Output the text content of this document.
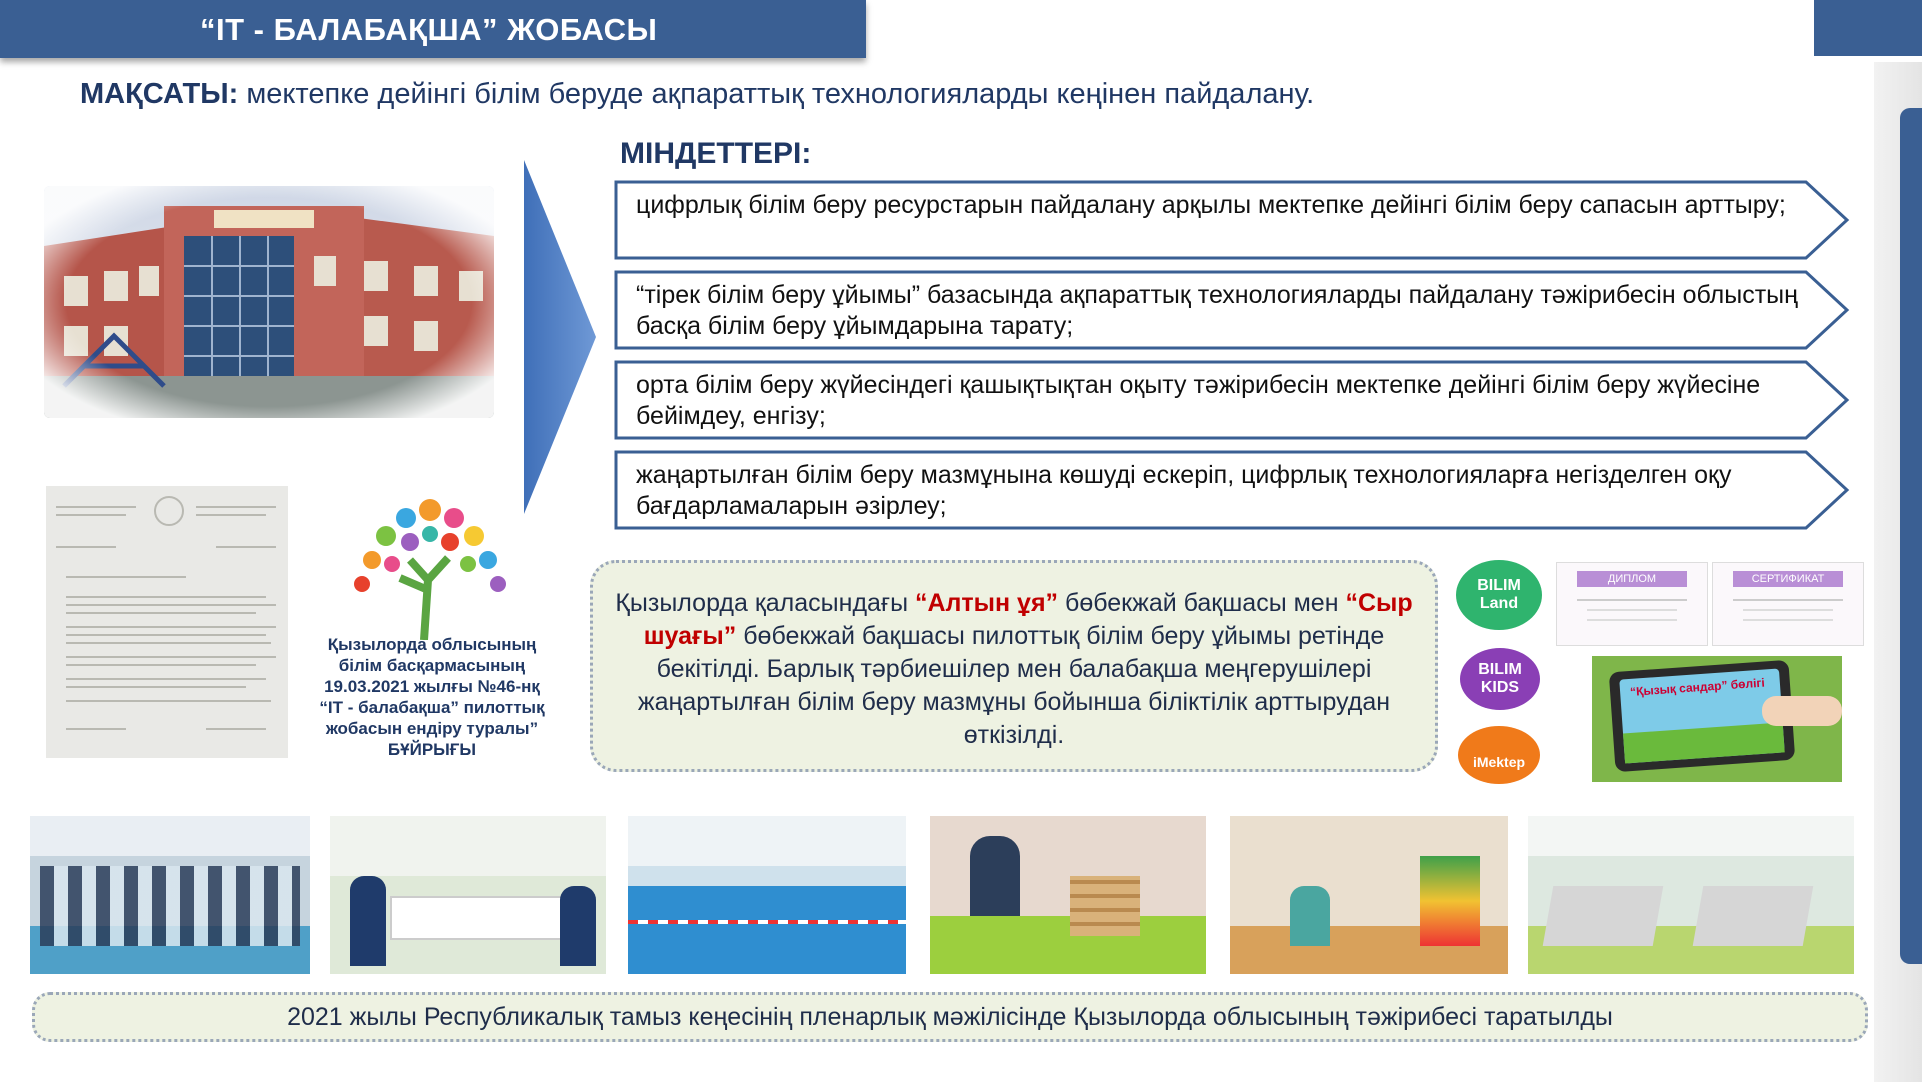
“IT - БАЛАБАҚША” ЖОБАСЫ
МАҚСАТЫ: мектепке дейінгі білім беруде ақпараттық технологияларды кеңінен пайдалану.
МІНДЕТТЕРІ:
цифрлық білім беру ресурстарын пайдалану арқылы мектепке дейінгі білім беру сапасын арттыру;
“тірек білім беру ұйымы” базасында ақпараттық технологияларды пайдалану тәжірибесін облыстың басқа білім беру ұйымдарына тарату;
орта білім беру жүйесіндегі қашықтықтан оқыту тәжірибесін мектепке дейінгі білім беру жүйесіне бейімдеу, енгізу;
жаңартылған білім беру мазмұнына көшуді ескеріп, цифрлық технологияларға негізделген оқу бағдарламаларын әзірлеу;
Қызылорда облысының
білім басқармасының
19.03.2021 жылғы №46-нқ
“IT - балабақша” пилоттық
жобасын ендіру туралы”
БҰЙРЫҒЫ
Қызылорда қаласындағы “Алтын ұя” бөбекжай бақшасы мен “Сыр шуағы” бөбекжай бақшасы пилоттық білім беру ұйымы ретінде бекітілді. Барлық тәрбиешілер мен балабақша меңгерушілері жаңартылған білім беру мазмұны бойынша біліктілік арттырудан өткізілді.
BILIM
Land
BILIM
KIDS
iMektep
ДИПЛОМ	СЕРТИФИКАТ
“Қызық сандар” бөлігі
2021 жылы Республикалық тамыз кеңесінің пленарлық мәжілісінде Қызылорда облысының тәжірибесі таратылды
